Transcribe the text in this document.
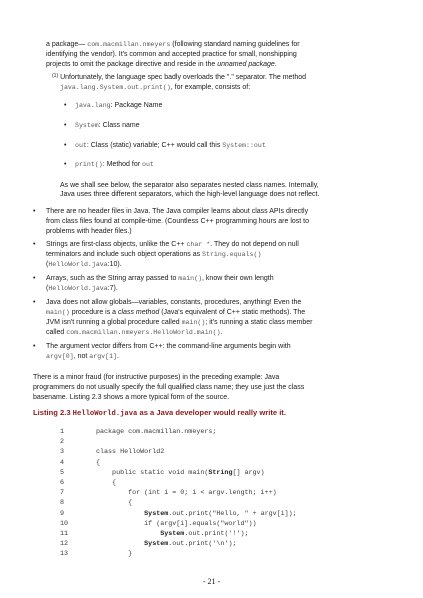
a package— com.macmillan.nmeyers (following standard naming guidelines for
identifying the vendor). It's common and accepted practice for small, nonshipping
projects to omit the package directive and reside in the unnamed package.
$^{(1)}$ Unfortunately, the language spec badly overloads the "." separator. The method
java.lang.System.out.print(), for example, consists of:
• java.lang: Package Name
• System: Class name
• out: Class (static) variable; C++ would call this System::out
• print(): Method for out
As we shall see below, the separator also separates nested class names. Internally,
Java uses three different separators, which the high-level language does not reflect.
• There are no header files in Java. The Java compiler learns about class APIs directly
from class files found at compile-time. (Countless C++ programming hours are lost to
problems with header files.)
• Strings are first-class objects, unlike the C++ char *. They do not depend on null
terminators and include such object operations as String.equals()
(HelloWorld.java:10).
• Arrays, such as the String array passed to main(), know their own length
(HelloWorld.java:7).
• Java does not allow globals—variables, constants, procedures, anything! Even the
main() procedure is a class method (Java's equivalent of C++ static methods). The
JVM isn't running a global procedure called main(); it's running a static class member
called com.macmillan.nmeyers.HelloWorld.main().
• The argument vector differs from C++: the command-line arguments begin with
argv[0], not argv[1].
There is a minor fraud (for instructive purposes) in the preceding example: Java
programmers do not usually specify the full qualified class name; they use just the class
basename. Listing 2.3 shows a more typical form of the source.
Listing 2.3 HelloWorld.java as a Java developer would really write it.
1	package com.macmillan.nmeyers;
2
3	class HelloWorld2
4	{
5	public static void main(String[] argv)
6	{
7	for (int i = 0; i < argv.length; i++)
8	{
9	System.out.print("Hello, " + argv[i]);
10	if (argv[i].equals("world"))
11	System.out.print('!');
12	System.out.print('\n');
13	}
- 21 -
